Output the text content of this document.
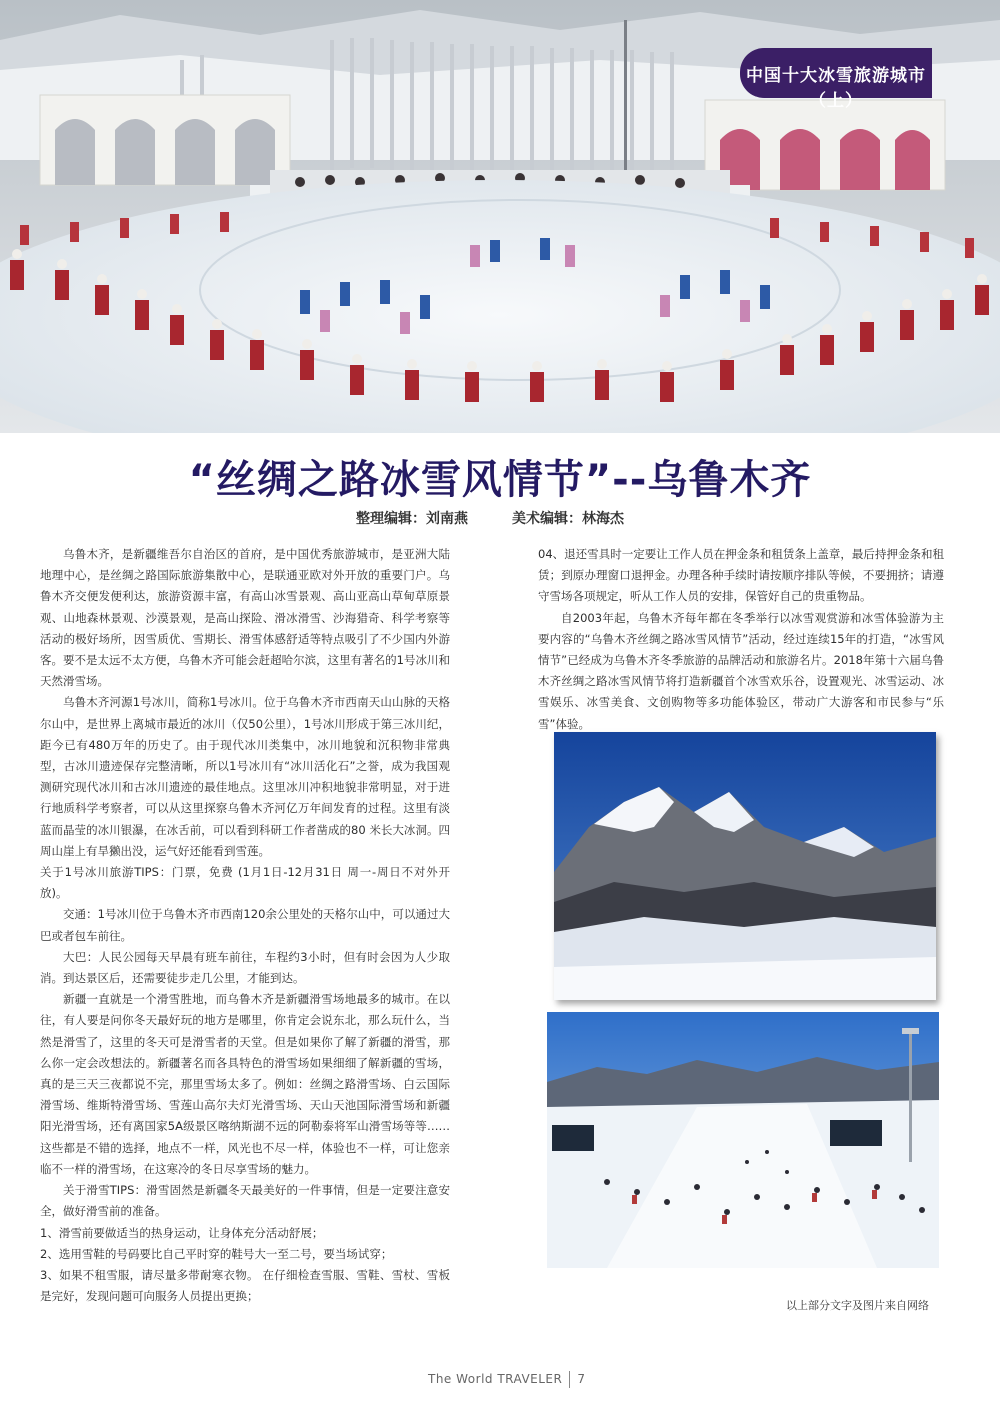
中国十大冰雪旅游城市（上）
“丝绸之路冰雪风情节”--乌鲁木齐
整理编辑：刘南燕	美术编辑：林海杰

乌鲁木齐，是新疆维吾尔自治区的首府，是中国优秀旅游城市，是亚洲大陆地理中心，是丝绸之路国际旅游集散中心，是联通亚欧对外开放的重要门户。乌鲁木齐交便发便利达，旅游资源丰富，有高山冰雪景观、高山亚高山草甸草原景观、山地森林景观、沙漠景观，是高山探险、滑冰滑雪、沙海猎奇、科学考察等活动的极好场所，因雪质优、雪期长、滑雪体感舒适等特点吸引了不少国内外游客。要不是太远不太方便，乌鲁木齐可能会赶超哈尔滨，这里有著名的1号冰川和天然滑雪场。

乌鲁木齐河源1号冰川，简称1号冰川。位于乌鲁木齐市西南天山山脉的天格尔山中，是世界上离城市最近的冰川（仅50公里），1号冰川形成于第三冰川纪，距今已有480万年的历史了。由于现代冰川类集中，冰川地貌和沉积物非常典型，古冰川遗迹保存完整清晰，所以1号冰川有“冰川活化石”之誉，成为我国观测研究现代冰川和古冰川遗迹的最佳地点。这里冰川冲积地貌非常明显，对于进行地质科学考察者，可以从这里探察乌鲁木齐河亿万年间发育的过程。这里有淡蓝而晶莹的冰川银瀑，在冰舌前，可以看到科研工作者凿成的80 米长大冰洞。四周山崖上有旱獭出没，运气好还能看到雪莲。

关于1号冰川旅游TIPS：门票，免费 (1月1日-12月31日 周一-周日不对外开放)。

交通：1号冰川位于乌鲁木齐市西南120余公里处的天格尔山中，可以通过大巴或者包车前往。

大巴：人民公园每天早晨有班车前往，车程约3小时，但有时会因为人少取消。到达景区后，还需要徒步走几公里，才能到达。

新疆一直就是一个滑雪胜地，而乌鲁木齐是新疆滑雪场地最多的城市。在以往，有人要是问你冬天最好玩的地方是哪里，你肯定会说东北，那么玩什么，当然是滑雪了，这里的冬天可是滑雪者的天堂。但是如果你了解了新疆的滑雪，那么你一定会改想法的。新疆著名而各具特色的滑雪场如果细细了解新疆的雪场，真的是三天三夜都说不完，那里雪场太多了。例如：丝绸之路滑雪场、白云国际滑雪场、维斯特滑雪场、雪莲山高尔夫灯光滑雪场、天山天池国际滑雪场和新疆阳光滑雪场，还有离国家5A级景区喀纳斯湖不远的阿勒泰将军山滑雪场等等……这些都是不错的选择，地点不一样，风光也不尽一样，体验也不一样，可让您亲临不一样的滑雪场，在这寒冷的冬日尽享雪场的魅力。

关于滑雪TIPS：滑雪固然是新疆冬天最美好的一件事情，但是一定要注意安全，做好滑雪前的准备。

1、滑雪前要做适当的热身运动，让身体充分活动舒展；

2、选用雪鞋的号码要比自己平时穿的鞋号大一至二号，要当场试穿；

3、如果不租雪服，请尽量多带耐寒衣物。 在仔细检查雪服、雪鞋、雪杖、雪板是完好，发现问题可向服务人员提出更换；

04、退还雪具时一定要让工作人员在押金条和租赁条上盖章，最后持押金条和租赁；到原办理窗口退押金。办理各种手续时请按顺序排队等候，不要拥挤；请遵守雪场各项规定，听从工作人员的安排，保管好自己的贵重物品。

自2003年起，乌鲁木齐每年都在冬季举行以冰雪观赏游和冰雪体验游为主要内容的“乌鲁木齐丝绸之路冰雪风情节”活动，经过连续15年的打造，“冰雪风情节”已经成为乌鲁木齐冬季旅游的品牌活动和旅游名片。2018年第十六届乌鲁木齐丝绸之路冰雪风情节将打造新疆首个冰雪欢乐谷，设置观光、冰雪运动、冰雪娱乐、冰雪美食、文创购物等多功能体验区，带动广大游客和市民参与“乐雪”体验。

以上部分文字及图片来自网络
The World TRAVELER 7
